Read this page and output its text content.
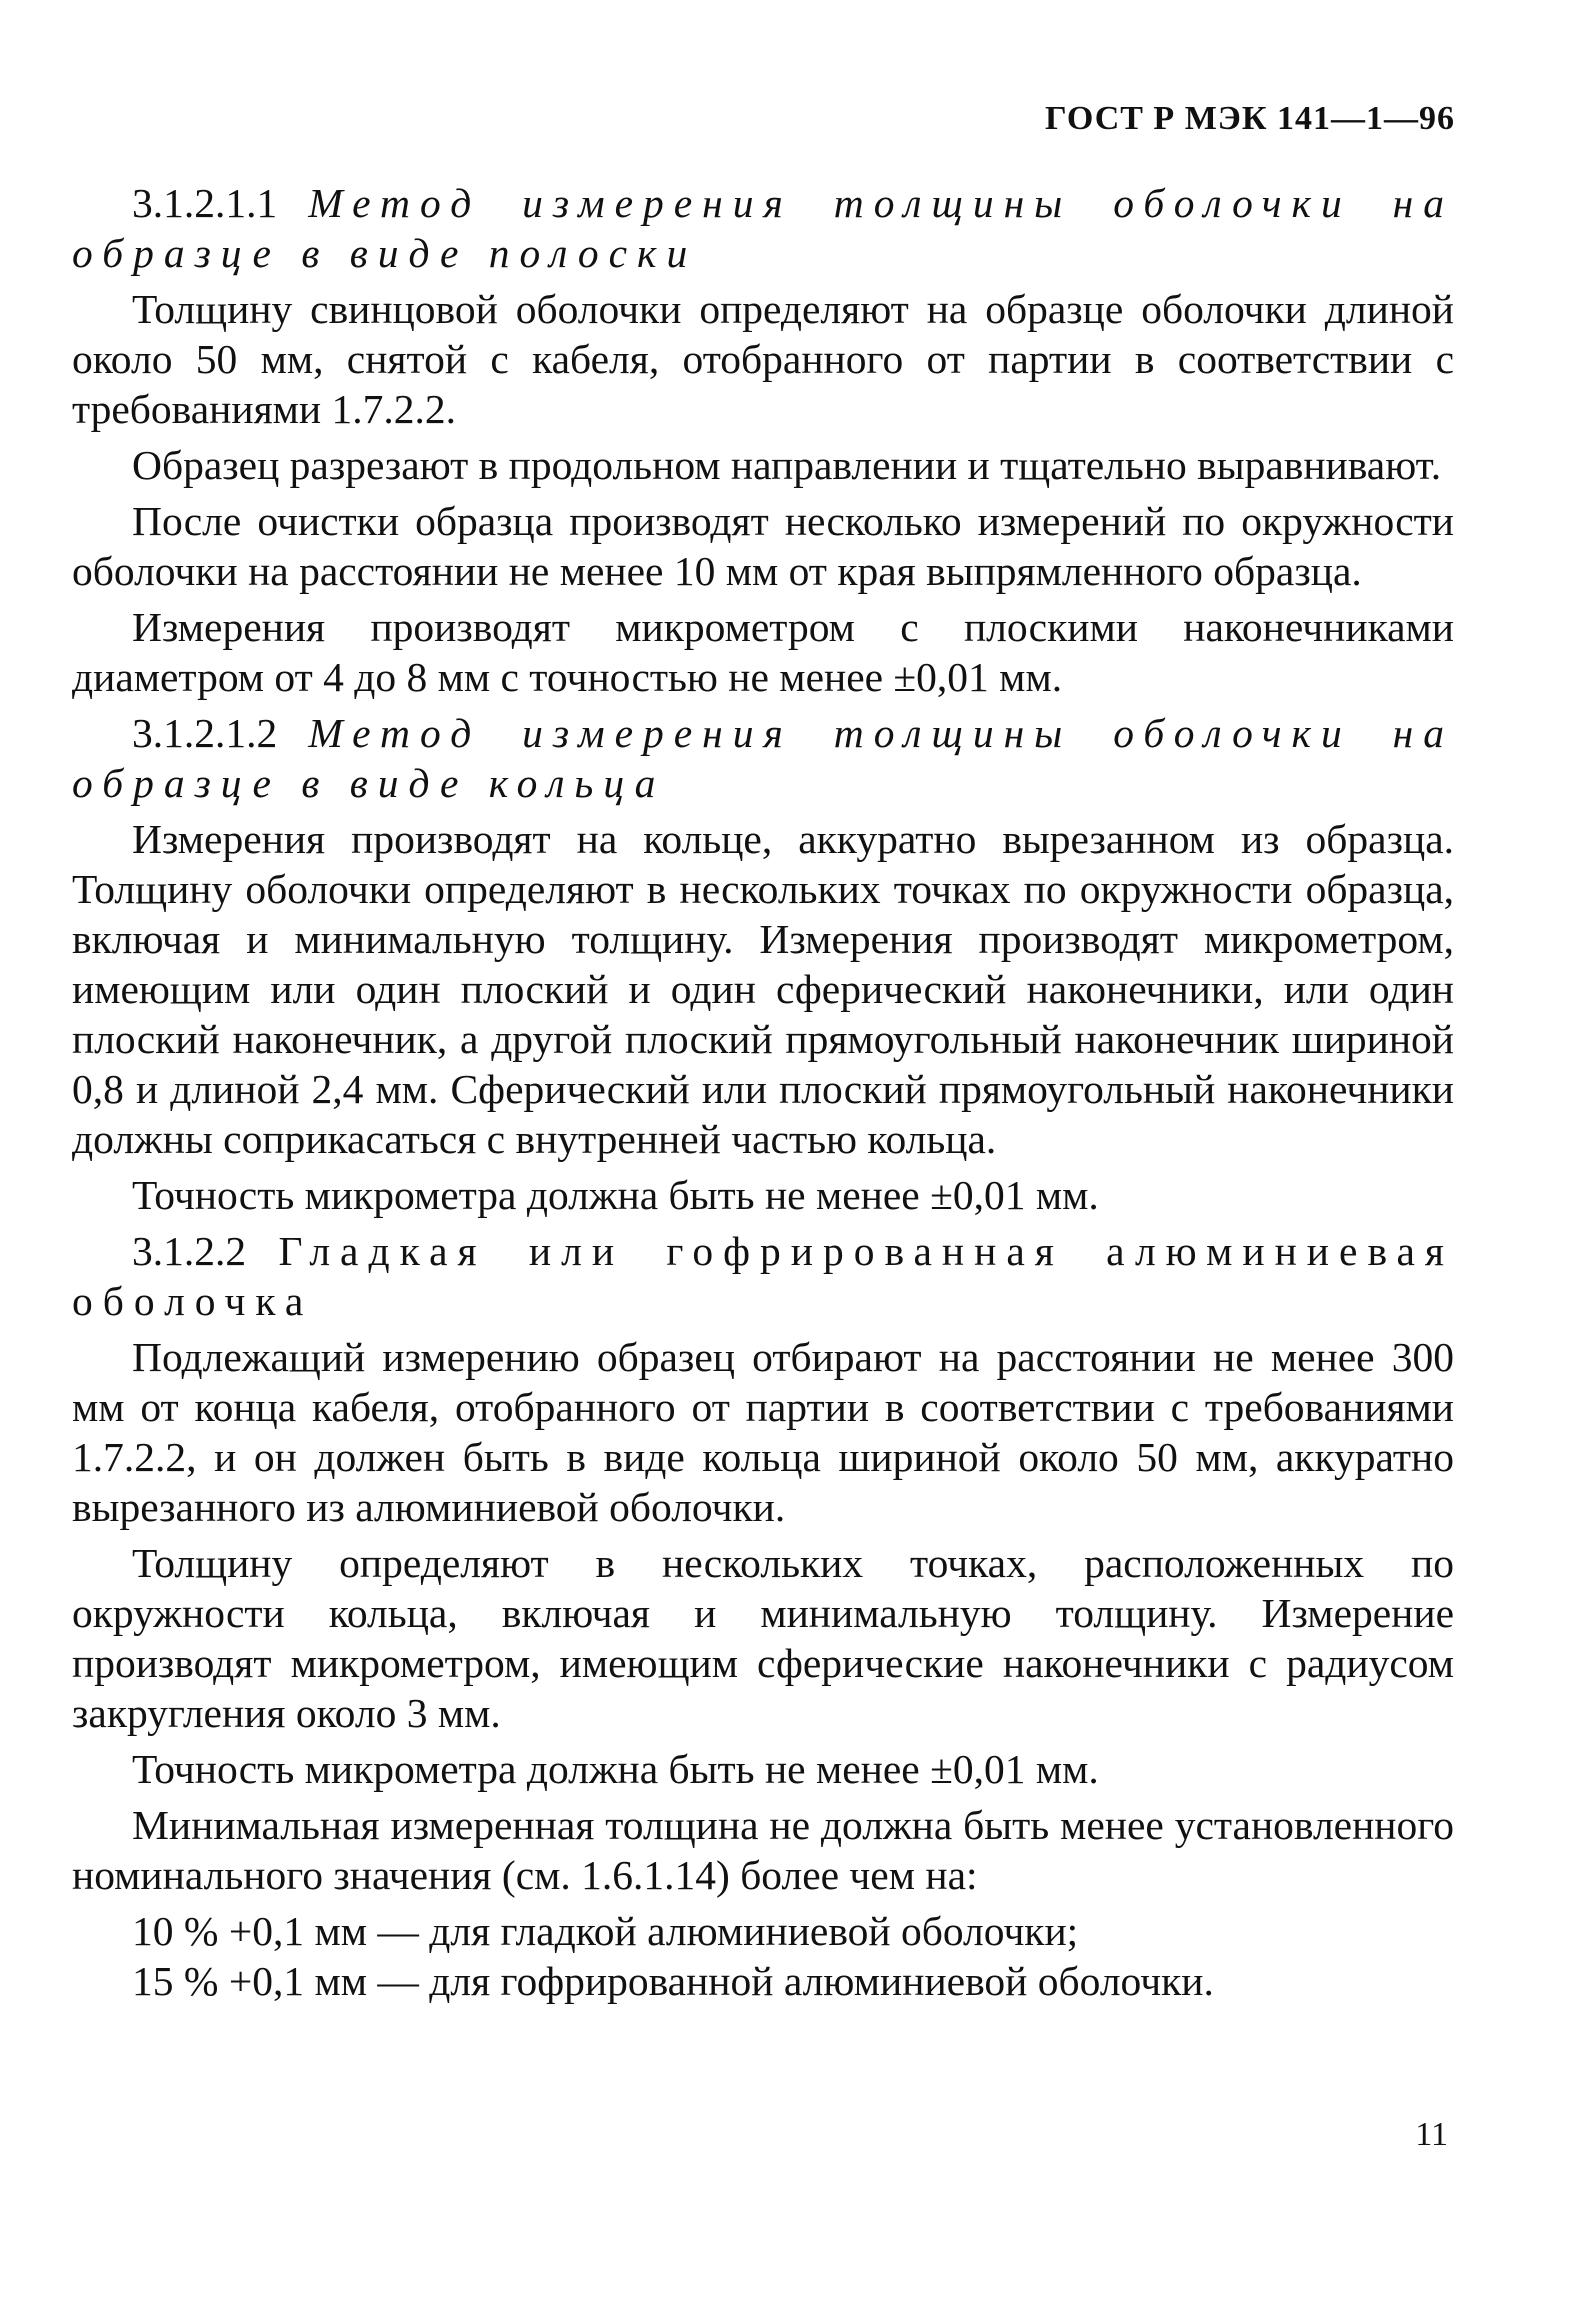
ГОСТ Р МЭК 141—1—96
3.1.2.1.1 Метод измерения толщины оболочки на образце в виде полоски

Толщину свинцовой оболочки определяют на образце оболочки длиной около 50 мм, снятой с кабеля, отобранного от партии в соответствии с требованиями 1.7.2.2.

Образец разрезают в продольном направлении и тщательно выравнивают.

После очистки образца производят несколько измерений по окружности оболочки на расстоянии не менее 10 мм от края выпрямленного образца.

Измерения производят микрометром с плоскими наконечниками диаметром от 4 до 8 мм с точностью не менее ±0,01 мм.

3.1.2.1.2 Метод измерения толщины оболочки на образце в виде кольца

Измерения производят на кольце, аккуратно вырезанном из образца. Толщину оболочки определяют в нескольких точках по окружности образца, включая и минимальную толщину. Измерения производят микрометром, имеющим или один плоский и один сферический наконечники, или один плоский наконечник, а другой плоский прямоугольный наконечник шириной 0,8 и длиной 2,4 мм. Сферический или плоский прямоугольный наконечники должны соприкасаться с внутренней частью кольца.

Точность микрометра должна быть не менее ±0,01 мм.

3.1.2.2 Гладкая или гофрированная алюминиевая оболочка

Подлежащий измерению образец отбирают на расстоянии не менее 300 мм от конца кабеля, отобранного от партии в соответствии с требованиями 1.7.2.2, и он должен быть в виде кольца шириной около 50 мм, аккуратно вырезанного из алюминиевой оболочки.

Толщину определяют в нескольких точках, расположенных по окружности кольца, включая и минимальную толщину. Измерение производят микрометром, имеющим сферические наконечники с радиусом закругления около 3 мм.

Точность микрометра должна быть не менее ±0,01 мм.

Минимальная измеренная толщина не должна быть менее установленного номинального значения (см. 1.6.1.14) более чем на:

10 % +0,1 мм — для гладкой алюминиевой оболочки;

15 % +0,1 мм — для гофрированной алюминиевой оболочки.

11
